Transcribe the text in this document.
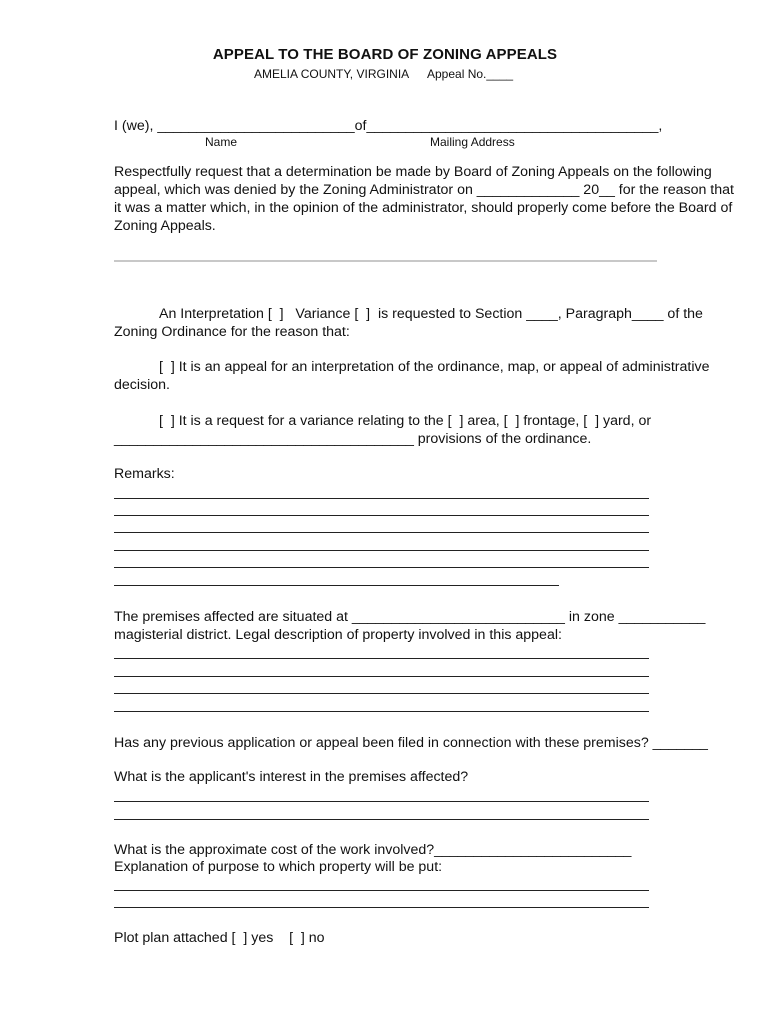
APPEAL TO THE BOARD OF ZONING APPEALS
AMELIA COUNTY, VIRGINIA Appeal No.____
I (we), _________________________of_____________________________________,
Name	Mailing Address
Respectfully request that a determination be made by Board of Zoning Appeals on the following
appeal, which was denied by the Zoning Administrator on _____________ 20__ for the reason that
it was a matter which, in the opinion of the administrator, should properly come before the Board of
Zoning Appeals.
An Interpretation [  ]   Variance [  ]  is requested to Section ____, Paragraph____ of the
Zoning Ordinance for the reason that:
[  ] It is an appeal for an interpretation of the ordinance, map, or appeal of administrative
decision.
[  ] It is a request for a variance relating to the [  ] area, [  ] frontage, [  ] yard, or
______________________________________ provisions of the ordinance.
Remarks:
The premises affected are situated at ___________________________ in zone ___________
magisterial district. Legal description of property involved in this appeal:
Has any previous application or appeal been filed in connection with these premises? _______
What is the applicant's interest in the premises affected?
What is the approximate cost of the work involved?_________________________
Explanation of purpose to which property will be put:
Plot plan attached [  ] yes    [  ] no
